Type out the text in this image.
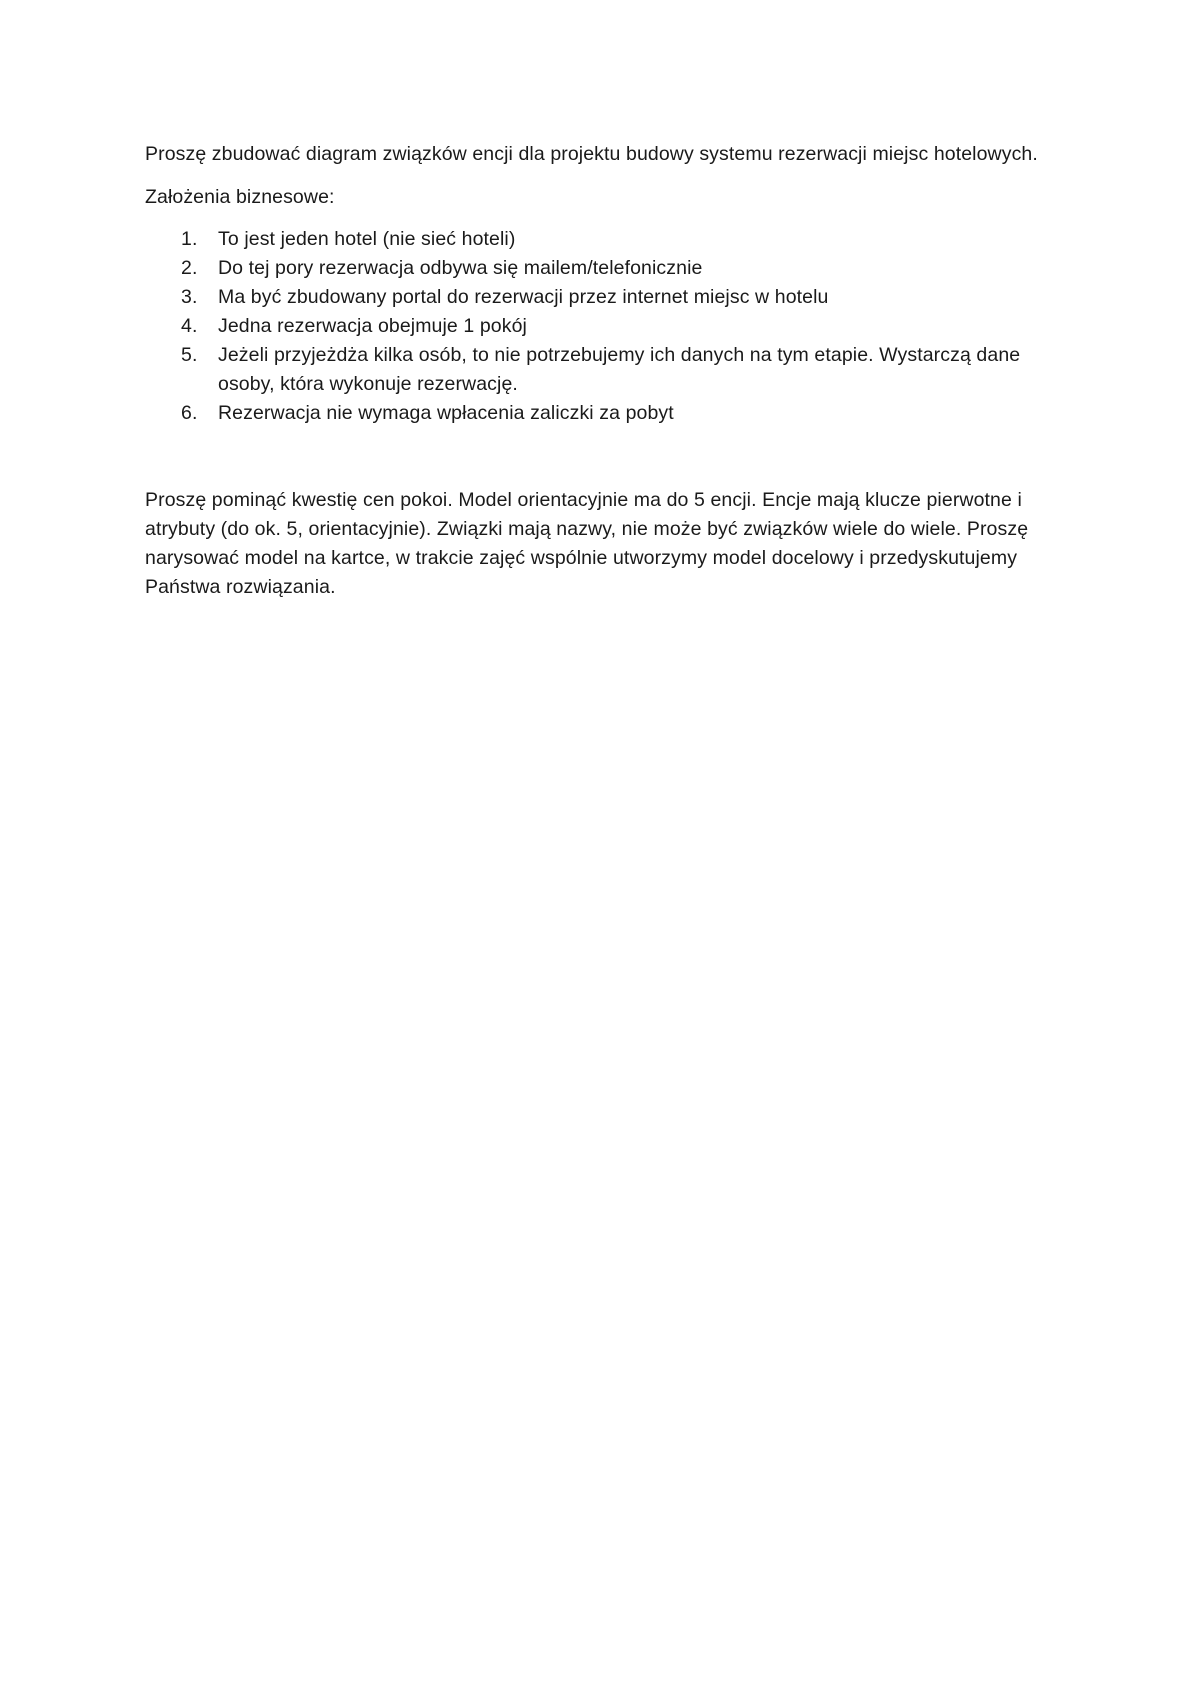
Proszę zbudować diagram związków encji dla projektu budowy systemu rezerwacji miejsc hotelowych.

Założenia biznesowe:

1. To jest jeden hotel (nie sieć hoteli)
2. Do tej pory rezerwacja odbywa się mailem/telefonicznie
3. Ma być zbudowany portal do rezerwacji przez internet miejsc w hotelu
4. Jedna rezerwacja obejmuje 1 pokój
5. Jeżeli przyjeżdża kilka osób, to nie potrzebujemy ich danych na tym etapie. Wystarczą dane osoby, która wykonuje rezerwację.
6. Rezerwacja nie wymaga wpłacenia zaliczki za pobyt

Proszę pominąć kwestię cen pokoi. Model orientacyjnie ma do 5 encji. Encje mają klucze pierwotne i atrybuty (do ok. 5, orientacyjnie). Związki mają nazwy, nie może być związków wiele do wiele. Proszę narysować model na kartce, w trakcie zajęć wspólnie utworzymy model docelowy i przedyskutujemy Państwa rozwiązania.
